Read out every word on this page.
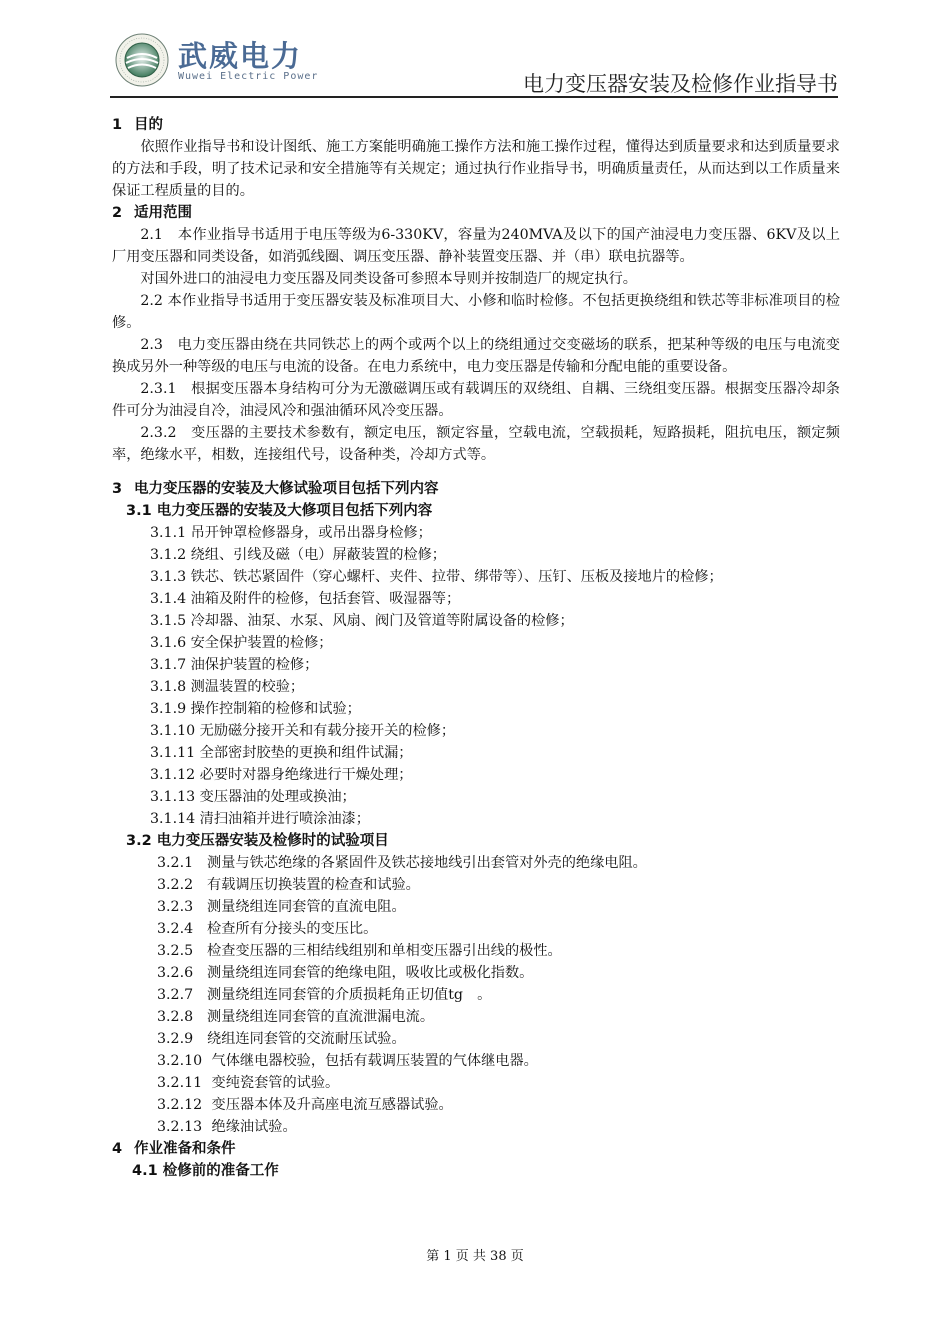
武威电力
Wuwei Electric Power	电力变压器安装及检修作业指导书
1 目的

依照作业指导书和设计图纸、施工方案能明确施工操作方法和施工操作过程，懂得达到质量要求和达到质量要求的方法和手段，明了技术记录和安全措施等有关规定；通过执行作业指导书，明确质量责任，从而达到以工作质量来保证工程质量的目的。

2 适用范围

2.1　本作业指导书适用于电压等级为6-330KV，容量为240MVA及以下的国产油浸电力变压器、6KV及以上厂用变压器和同类设备，如消弧线圈、调压变压器、静补装置变压器、并（串）联电抗器等。

对国外进口的油浸电力变压器及同类设备可参照本导则并按制造厂的规定执行。

2.2 本作业指导书适用于变压器安装及标准项目大、小修和临时检修。不包括更换绕组和铁芯等非标准项目的检修。

2.3　电力变压器由绕在共同铁芯上的两个或两个以上的绕组通过交变磁场的联系，把某种等级的电压与电流变换成另外一种等级的电压与电流的设备。在电力系统中，电力变压器是传输和分配电能的重要设备。

2.3.1　根据变压器本身结构可分为无激磁调压或有载调压的双绕组、自耦、三绕组变压器。根据变压器冷却条件可分为油浸自冷，油浸风冷和强油循环风冷变压器。

2.3.2　变压器的主要技术参数有，额定电压，额定容量，空载电流，空载损耗，短路损耗，阻抗电压，额定频率，绝缘水平，相数，连接组代号，设备种类，冷却方式等。

3 电力变压器的安装及大修试验项目包括下列内容
3.1 电力变压器的安装及大修项目包括下列内容
3.1.1 吊开钟罩检修器身，或吊出器身检修；
3.1.2 绕组、引线及磁（电）屏蔽装置的检修；
3.1.3 铁芯、铁芯紧固件（穿心螺杆、夹件、拉带、绑带等）、压钉、压板及接地片的检修；
3.1.4 油箱及附件的检修，包括套管、吸湿器等；
3.1.5 冷却器、油泵、水泵、风扇、阀门及管道等附属设备的检修；
3.1.6 安全保护装置的检修；
3.1.7 油保护装置的检修；
3.1.8 测温装置的校验；
3.1.9 操作控制箱的检修和试验；
3.1.10 无励磁分接开关和有载分接开关的检修；
3.1.11 全部密封胶垫的更换和组件试漏；
3.1.12 必要时对器身绝缘进行干燥处理；
3.1.13 变压器油的处理或换油；
3.1.14 清扫油箱并进行喷涂油漆；
3.2 电力变压器安装及检修时的试验项目
3.2.1 测量与铁芯绝缘的各紧固件及铁芯接地线引出套管对外壳的绝缘电阻。
3.2.2 有载调压切换装置的检查和试验。
3.2.3 测量绕组连同套管的直流电阻。
3.2.4 检查所有分接头的变压比。
3.2.5 检查变压器的三相结线组别和单相变压器引出线的极性。
3.2.6 测量绕组连同套管的绝缘电阻，吸收比或极化指数。
3.2.7 测量绕组连同套管的介质损耗角正切值tg　。
3.2.8 测量绕组连同套管的直流泄漏电流。
3.2.9 绕组连同套管的交流耐压试验。
3.2.10 气体继电器校验，包括有载调压装置的气体继电器。
3.2.11 变纯瓷套管的试验。
3.2.12 变压器本体及升高座电流互感器试验。
3.2.13 绝缘油试验。
4 作业准备和条件
4.1 检修前的准备工作
第 1 页 共 38 页
